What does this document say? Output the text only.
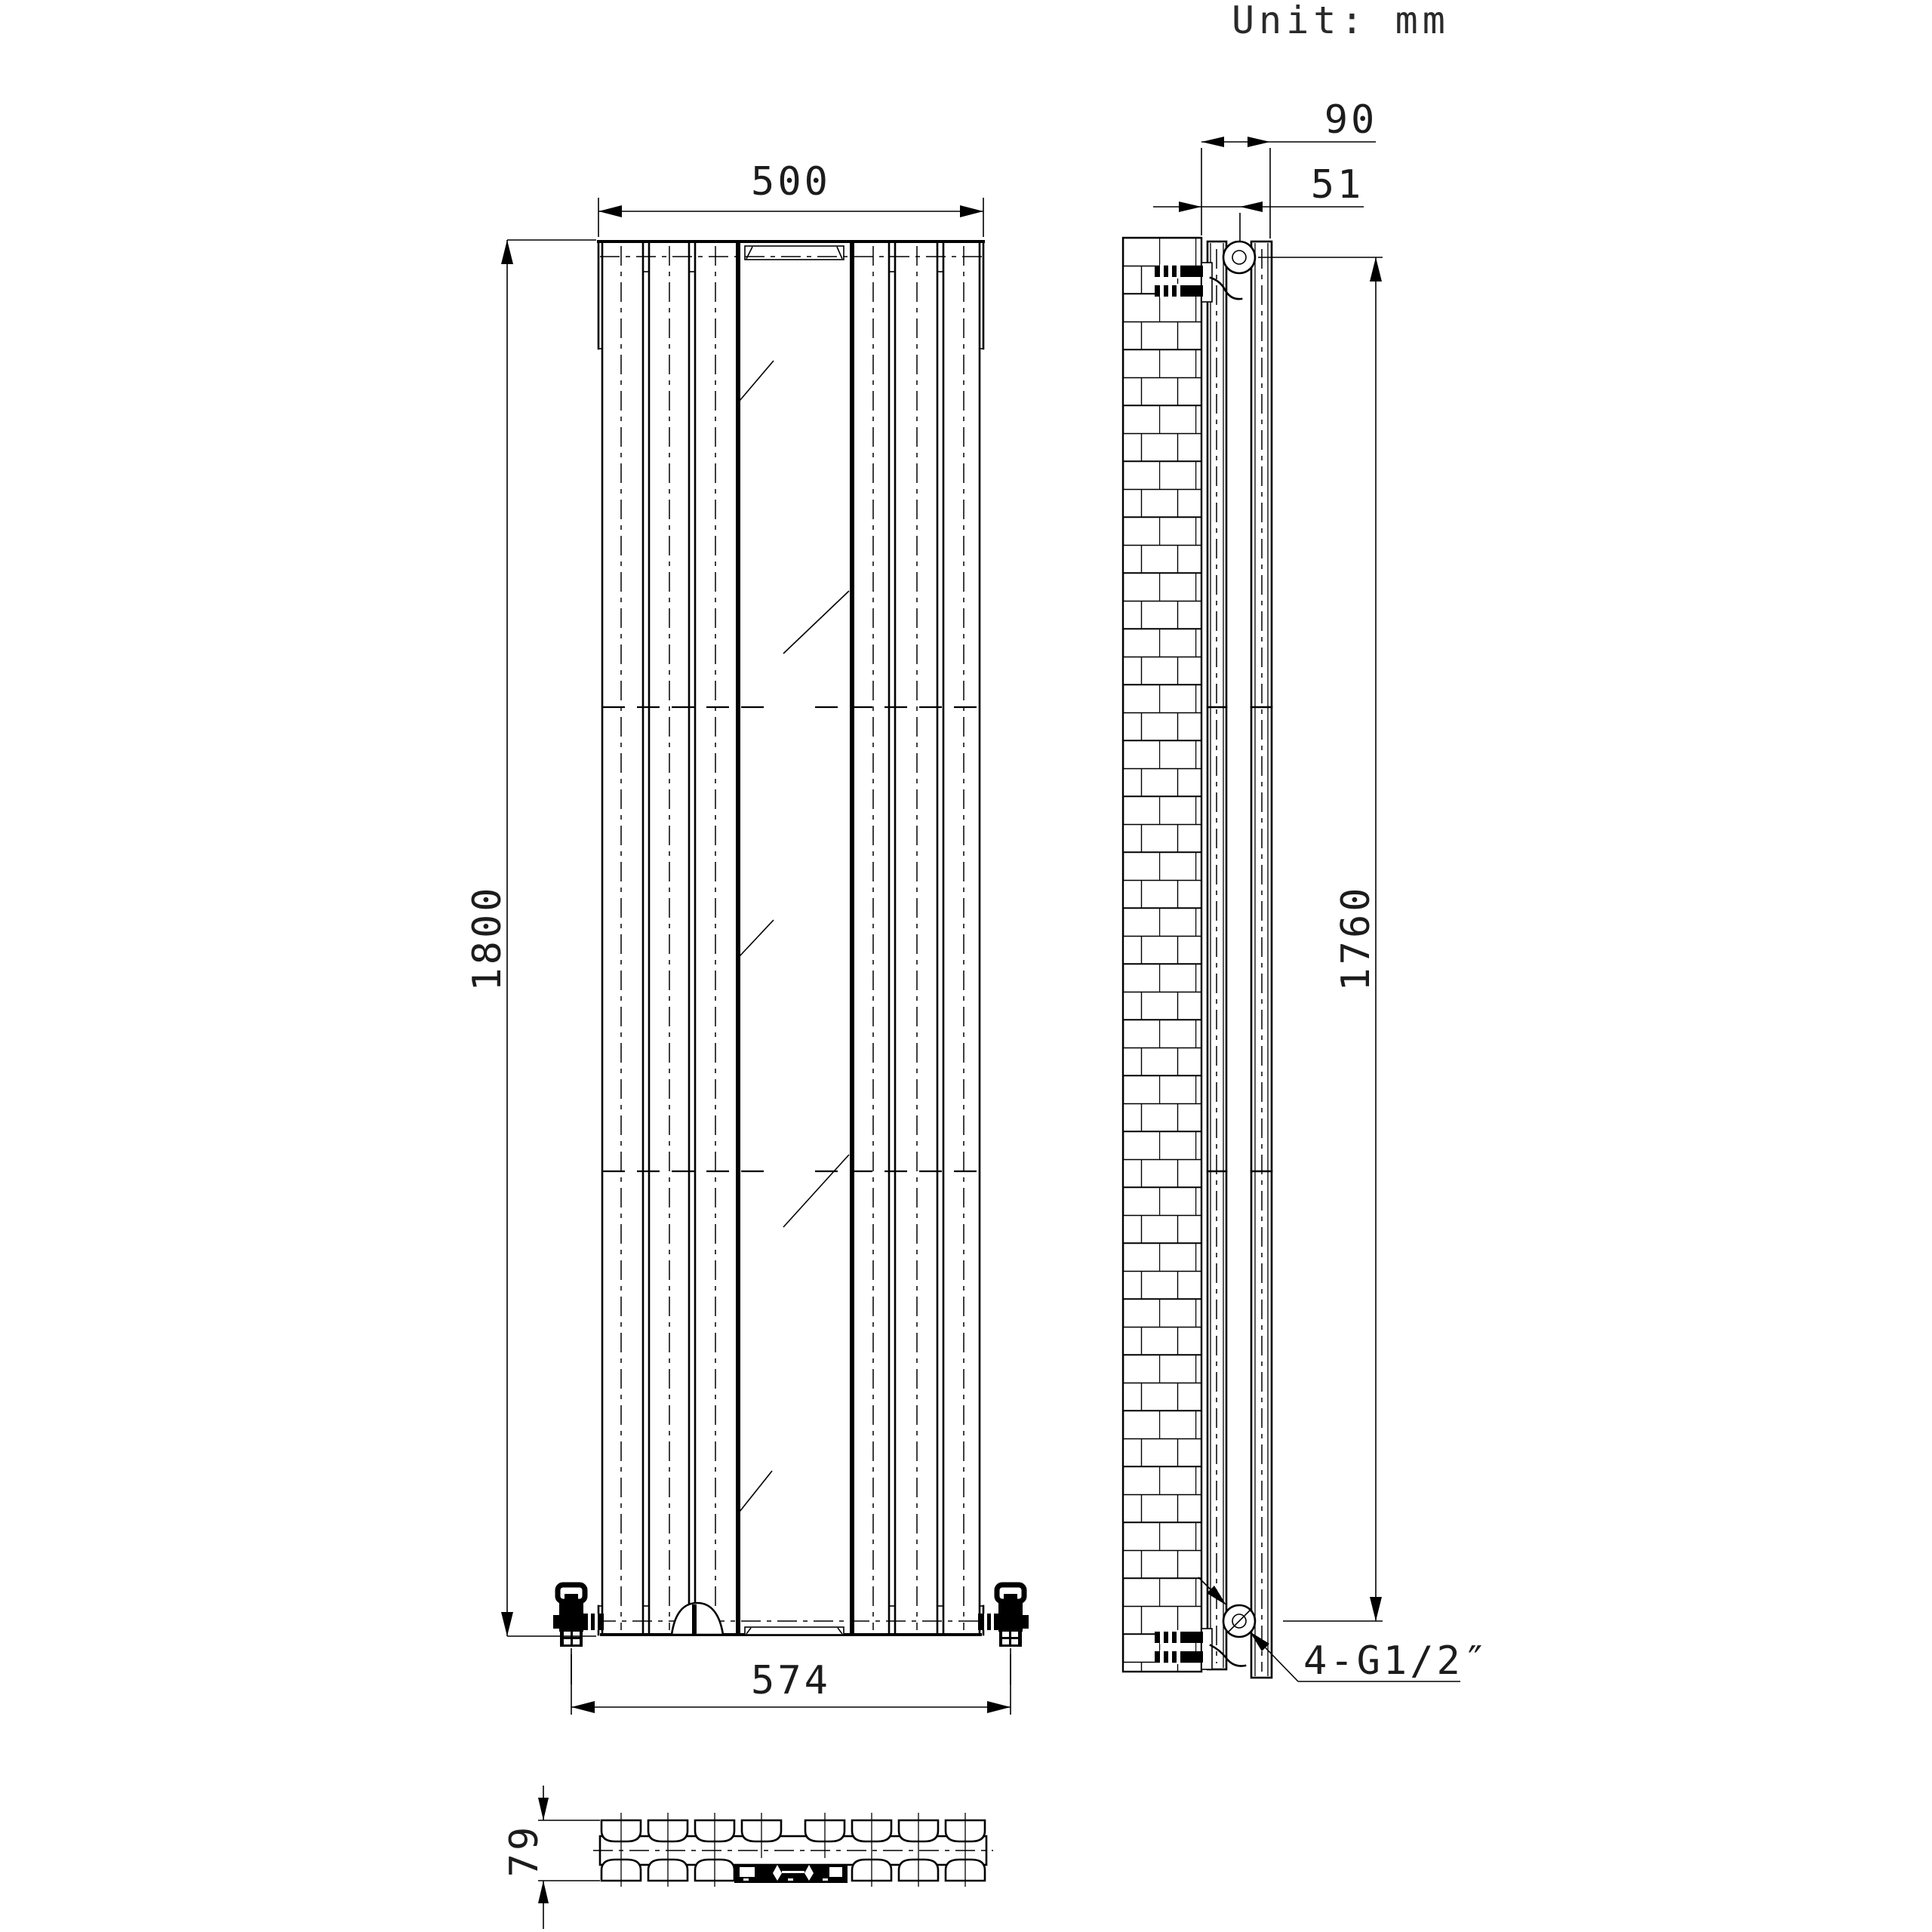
Unit: mm
500
1800
574
90
51
1760
4-G1/2″
79
